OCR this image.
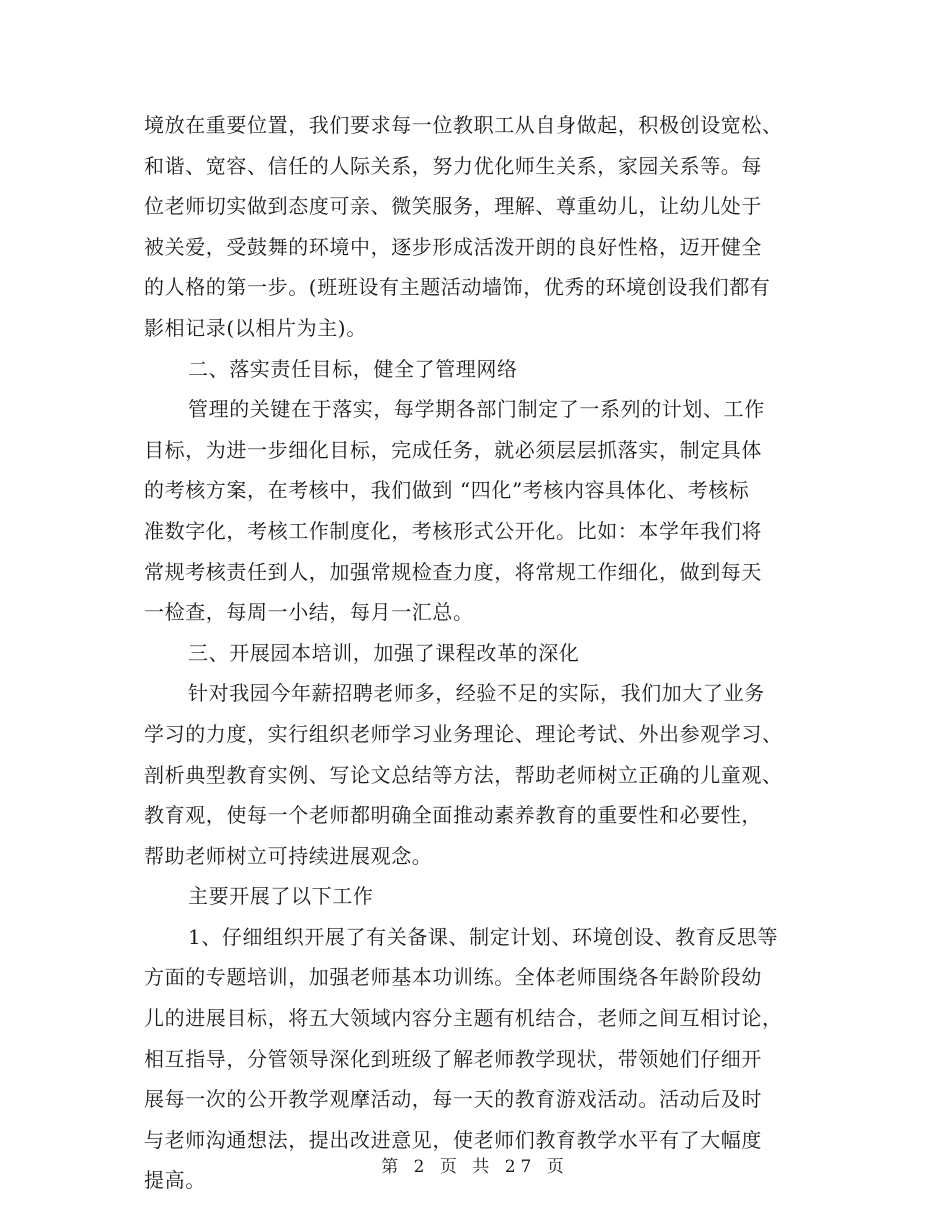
境放在重要位置，我们要求每一位教职工从自身做起，积极创设宽松、
和谐、宽容、信任的人际关系，努力优化师生关系，家园关系等。每
位老师切实做到态度可亲、微笑服务，理解、尊重幼儿，让幼儿处于
被关爱，受鼓舞的环境中，逐步形成活泼开朗的良好性格，迈开健全
的人格的第一步。(班班设有主题活动墙饰，优秀的环境创设我们都有
影相记录(以相片为主)。
二、落实责任目标，健全了管理网络
管理的关键在于落实，每学期各部门制定了一系列的计划、工作
目标，为进一步细化目标，完成任务，就必须层层抓落实，制定具体
的考核方案，在考核中，我们做到 “四化”考核内容具体化、考核标
准数字化，考核工作制度化，考核形式公开化。比如：本学年我们将
常规考核责任到人，加强常规检查力度，将常规工作细化，做到每天
一检查，每周一小结，每月一汇总。
三、开展园本培训，加强了课程改革的深化
针对我园今年薪招聘老师多，经验不足的实际，我们加大了业务
学习的力度，实行组织老师学习业务理论、理论考试、外出参观学习、
剖析典型教育实例、写论文总结等方法，帮助老师树立正确的儿童观、
教育观，使每一个老师都明确全面推动素养教育的重要性和必要性，
帮助老师树立可持续进展观念。
主要开展了以下工作
1、仔细组织开展了有关备课、制定计划、环境创设、教育反思等
方面的专题培训，加强老师基本功训练。全体老师围绕各年龄阶段幼
儿的进展目标，将五大领域内容分主题有机结合，老师之间互相讨论，
相互指导，分管领导深化到班级了解老师教学现状，带领她们仔细开
展每一次的公开教学观摩活动，每一天的教育游戏活动。活动后及时
与老师沟通想法，提出改进意见，使老师们教育教学水平有了大幅度
提高。
第 2 页 共 27 页
